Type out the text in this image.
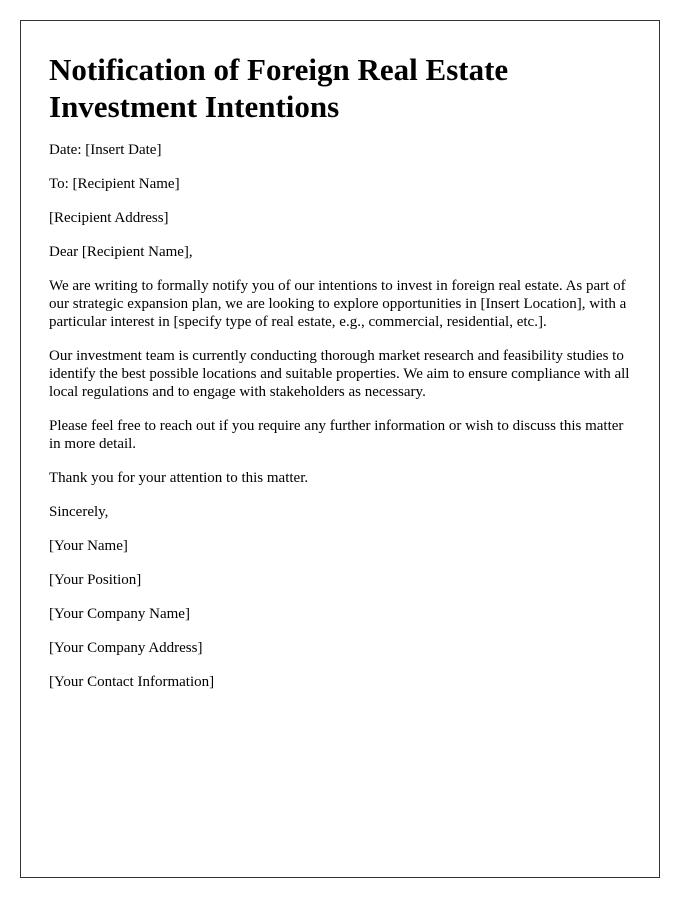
Notification of Foreign Real Estate Investment Intentions
Date: [Insert Date]
To: [Recipient Name]
[Recipient Address]
Dear [Recipient Name],
We are writing to formally notify you of our intentions to invest in foreign real estate. As part of our strategic expansion plan, we are looking to explore opportunities in [Insert Location], with a particular interest in [specify type of real estate, e.g., commercial, residential, etc.].
Our investment team is currently conducting thorough market research and feasibility studies to identify the best possible locations and suitable properties. We aim to ensure compliance with all local regulations and to engage with stakeholders as necessary.
Please feel free to reach out if you require any further information or wish to discuss this matter in more detail.
Thank you for your attention to this matter.
Sincerely,
[Your Name]
[Your Position]
[Your Company Name]
[Your Company Address]
[Your Contact Information]
